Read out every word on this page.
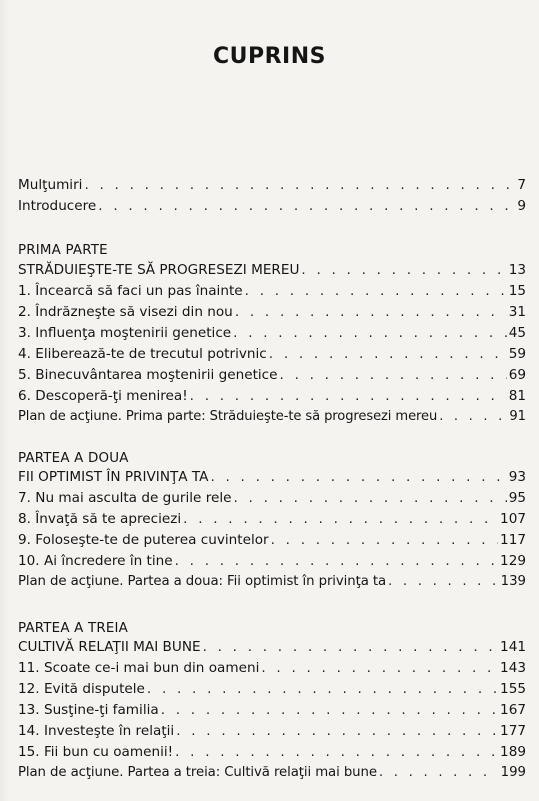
CUPRINS
Mulţumiri . . .	7
Introducere . . .	9
PRIMA PARTE
STRĂDUIEŞTE-TE SĂ PROGRESEZI MEREU . . .	13
1. Încearcă să faci un pas înainte . . .	15
2. Îndrăzneşte să visezi din nou . . .	31
3. Influenţa moştenirii genetice . . .	45
4. Eliberează-te de trecutul potrivnic . . .	59
5. Binecuvântarea moştenirii genetice . . .	69
6. Descoperă-ţi menirea! . . .	81
Plan de acţiune. Prima parte: Străduieşte-te să progresezi mereu . . .	91
PARTEA A DOUA
FII OPTIMIST ÎN PRIVINŢA TA . . .	93
7. Nu mai asculta de gurile rele . . .	95
8. Învaţă să te apreciezi . . .	107
9. Foloseşte-te de puterea cuvintelor . . .	117
10. Ai încredere în tine . . .	129
Plan de acţiune. Partea a doua: Fii optimist în privinţa ta . . .	139
PARTEA A TREIA
CULTIVĂ RELAŢII MAI BUNE . . .	141
11. Scoate ce-i mai bun din oameni . . .	143
12. Evită disputele . . .	155
13. Susţine-ţi familia . . .	167
14. Investeşte în relaţii . . .	177
15. Fii bun cu oamenii! . . .	189
Plan de acţiune. Partea a treia: Cultivă relaţii mai bune . . .	199
